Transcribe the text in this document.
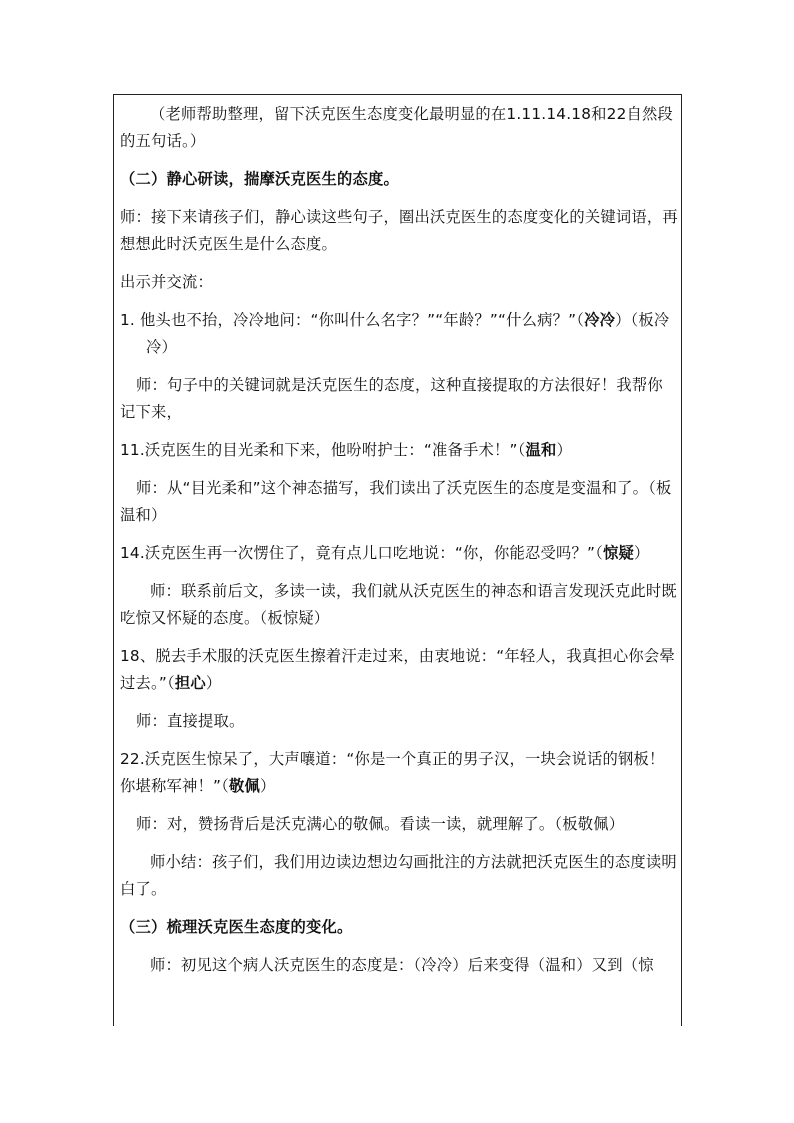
（老师帮助整理，留下沃克医生态度变化最明显的在1.11.14.18和22自然段的五句话。）

（二）静心研读，揣摩沃克医生的态度。

师：接下来请孩子们，静心读这些句子，圈出沃克医生的态度变化的关键词语，再想想此时沃克医生是什么态度。

出示并交流：

1. 他头也不抬，冷冷地问：“你叫什么名字？”“年龄？”“什么病？”（冷冷）（板冷冷）

师：句子中的关键词就是沃克医生的态度，这种直接提取的方法很好！我帮你记下来，

11.沃克医生的目光柔和下来，他吩咐护士：“准备手术！”（温和）

师：从“目光柔和”这个神态描写，我们读出了沃克医生的态度是变温和了。（板温和）

14.沃克医生再一次愣住了，竟有点儿口吃地说：“你，你能忍受吗？”（惊疑）

师：联系前后文，多读一读，我们就从沃克医生的神态和语言发现沃克此时既吃惊又怀疑的态度。（板惊疑）

18、脱去手术服的沃克医生擦着汗走过来，由衷地说：“年轻人，我真担心你会晕过去。”（担心）

师：直接提取。

22.沃克医生惊呆了，大声嚷道：“你是一个真正的男子汉，一块会说话的钢板！你堪称军神！”（敬佩）

师：对，赞扬背后是沃克满心的敬佩。看读一读，就理解了。（板敬佩）

师小结：孩子们，我们用边读边想边勾画批注的方法就把沃克医生的态度读明白了。

（三）梳理沃克医生态度的变化。

师：初见这个病人沃克医生的态度是：（冷冷）后来变得（温和）又到（惊
